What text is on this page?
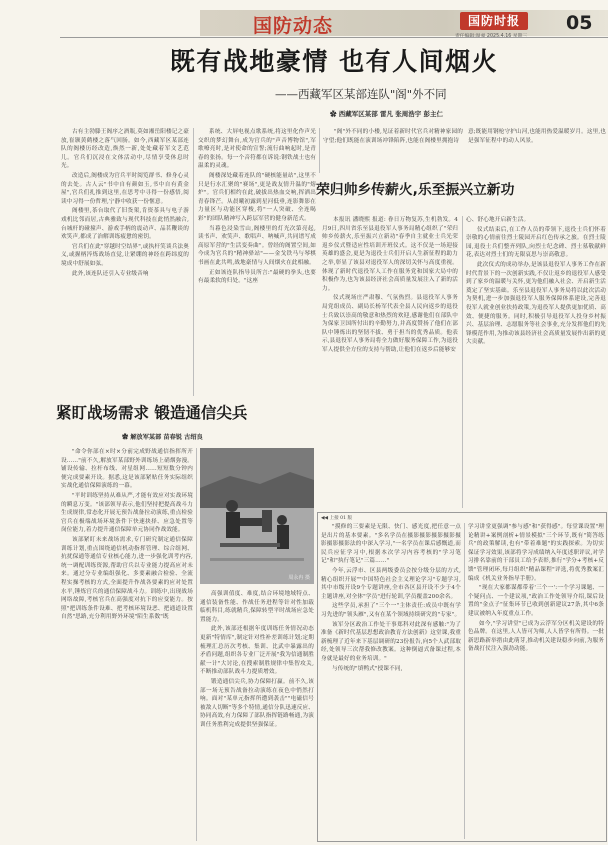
国防动态	国防时报	05
既有战地豪情 也有人间烟火
——西藏军区某部连队"阁"外不同
✿ 西藏军区某部 雷凡 张周浩宇 彭主仁

古有主勃滕王阁序之酒瓶,莫如湘岳阳楼记之豪放,崔颢黄鹤楼之落气回肠。如今,西藏军区某部连队的阁楼历经改造,焕然一新,处处藏着军文艺范儿。官兵们沉浸在文体活动中,尽情享受休息时光。

改造后,阁楼成为官兵平时阅览群书、修身心灵的去处。古人云"书中自有颜如玉,书中自有黄金屋",官兵们扎推到这里,在思考中寻得一份感悟,阅读中习得一份哲理,宁静中收获一份惬意。

阁楼里,茶台取代了旧货架,肯资茶具与电子游戏机比邻而居,古典雅致与现代科技在此悄然融合,台城杆的碰撞声、游戏手柄的震动声、品茗鞭谈的欢笑声,都成了治解训练疲惫的密钥。

官兵们在此"穿越时空结界",或执杆笑谈兵法奥义,或握柄淬炼战场直觉,让紧绷的神经在跨纬度的境成中舒展如弦。

此外,该连队还引入专业级音响

系统、大屏电视点歌系统,将这里化作声光交织的梦幻舞台,成为官兵的"声音博物馆",军歌嘹亮时,是对使命的宣誓;流行曲响起时,是青春的张扬。每一个音符都在诉说:钢铁战士也有温柔的灵魂。

阁楼深处藏着连队的"硬核能量站",这里不只是行水汇聚的"赛场",更是战友情升温的"熔炉"。官兵们相约在此,破拔出热血交响,挥洒出青春锋芒。从晨曦初露到星河低垂,连影舞影在力量区与功能区穿梭,将"一人突破、全连喝彩"的团队精神写入跨层军营的健身新范式。

当暮色浸染雪山,阁楼里的灯光次第亮起,读书声、欢笑声、歌唱声、呐喊声,共同谱写成高原军营的"生活变奏曲"。曾经的阁置空间,如今成为官兵的"精神驿站"——金戈铁马与琴棋书画在此共鸣,战地豪情与人间烟火在此相融。

正如该连队指导员所言:"最硬的拳头,也要有最柔软的归处。"这座

"阁"外不同的小楼,见证着新时代官兵对精神家园的守望;他们既能在演训场冲锋陷阵,也能在阁楼里拥抱诗

意;既能用钢枪守护山河,也能用热爱温暖岁月。这里,也是强军征程中的动人风景。

荣归帅乡传薪火,乐至振兴立新功

本报讯 潘晓熙 报道: 眷日万物复苏,生机勃发。4月9日,四川省乐至县退役军人事务局精心组织了"荣归帅乡传薪火,乐至振兴立新功"春季自主就业士兵光荣返乡仪式暨适应性培训开班仪式。这不仅是一场迎接英雄的盛会,更是为退役士兵们开启人生新征程的助力之举,彰显了该县对退役军人的深切关怀与高度重视。体现了新时代退役军人工作在服务党和国家大局中的积极作为,也为该县经济社会高质量发展注入了新的活力。

仪式现场庄严肃穆、气氛热烈。县退役军人事务局党组成员、副局长杨军代表全县人民向返乡的退役士兵致以崇高的敬意和热烈的欢迎,感谢他们在部队中为保家卫国所付出的辛勤努力,并高度赞扬了他们在部队中锤炼出的坚韧不拔、勇于担当的优秀品质。他表示,县退役军人事务局将全力做好服务保障工作,为退役军人提供全方位的支持与帮助,让他们在返乡后能够安

心、舒心地开启新生活。

仪式结束后,在工作人员的带领下,退役士兵们怀着崇敬的心情前往烈士陵园开启红色传承之旅。在烈士陵园,退役士兵们整齐列队,向烈士纪念碑、烈士墓敬献鲜花,表达对烈士们的无限哀思与崇高敬意。

此次仪式的成功举办,是该县退役军人事务工作在新时代背景下的一次创新实践,不仅让返乡的退役军人感受到了家乡的温暖与关怀,更为他们融入社会、开启新生活奠定了坚实基础。乐至县退役军人事务局将以此次活动为契机,进一步加强退役军人服务保障体系建设,完善退役军人就业创业扶持政策,为退役军人提供更加优质、高效、便捷的服务。同时,积极引导退役军人投身乡村振兴、基层治理、志愿服务等社会事业,充分发挥他们的先锋模范作用,为推动该县经济社会高质量发展作出新的更大贡献。

紧盯战场需求 锻造通信尖兵
✿ 解放军某部 苗春锐 古绍良

"命令你部在×时×分前完成野战通信指挥所开设……"前不久,解放军某部野外训练场上硝烟弥漫。铺设传输、拉杆布线、对星组网……短短数分钟内便完成要素开设。据悉,这是该部紧贴任务实际组织实战化通信保障演练的一幕。

"平时训练坚持从难从严,才能有效应对实战环境的瞬息万变。"该部领导表示,他们坚持把提高战斗力生成规律,常态化开展无预告战备拉动演练,重点检验官兵在极端战场环境条件下快速抉择、应急处置等岗位能力,着力提升通信保障单元协同作战效能。

该部紧盯未来战场需求,专门研究制定通信保障训练计划,重点围绕通信机动指挥管理、综合组网、抗扰保通等通信专业核心能力,进一步强化训考内容,统一调配训练资源,帮助官兵以专业能力提高应对未来。通过分专业编组强化、多要素融合检验、全流程实操考核的方式,全面提升作战各要素的应对处置水平,锤炼官兵的通信保障战斗力。训练中,出现战场网络故障,考核官兵在高强度对抗下的应变能力。按照"把训练条件设难、把考核环境设恶、把通道设置自然"思路,充分利用野外环境"陌生系数"既

周永冉 摄

高强训值度、难度,结合环境地域特点、通信装备性能、作战任务进程等针对性加载临机科目,练就精兵,保障转型平时战场应急处置能力。

此外,该部还根据年度训练任务情况动态更新"特情库",制定针对性补差训练计划;定期梳理汇总历次考核、集训、比武中暴露出的矛盾问题,组织各专业厂泛开展"我为信通制胜献一计"大讨论,在搜索制胜规律中集智攻关,不断推动部队战斗力提质增效。

锻造通信尖兵,协力保障打赢。前不久,该部一场无预告战备拉动演练在夜色中悄然打响。面对"某单元指挥所遭到袭击""电磁信号被敌人切断"等多个特情,通信分队迅速反应、协同高效,有力保障了部队指挥链路畅通,为演训任务胜利完成提供坚强保证。

◀◀ 上接 01 版

"摸修的三要素是无限、快门、感光度,把任意一点是出片的基本要素。"多名学员在摄影摄影摄影摄影摄影摄影摄影法的中深入学习,"一名学员在课后感慨道,而民兵应征学习中,根据本次学习内容考核的"学习笔记"和"执行笔记"三篇……"

今年,云浮市、区县两级委员会按分级分层的方式,精心组织开展""中国特色社会主义理论学习"专题学习,其中市级开设9个专题讲座,全市各区县开设不少于4个主题讲座,对全体"学员"进行轮训,学员覆盖200余名。

这些学员,承担了"三个一"主体责任:成员中既有学习先进的"领头雁",又有在某个领域持续研究的"专家"。

该军分区政治工作处干事郑科对此深有感触:"为了准备《新时代基层思想政治教育方法创新》这堂课,我重新梳理了近年来下基层调研的23份报告,向5个人武部取经,处领导三次帮我修改教案。这种倒逼式备课过程,本身就是最好的业务培训。"

与传统的"填鸭式"授课不同,

学习讲堂更强调"参与感"和"获得感"。每堂课设置"理论精讲+案例剖析+情景模拟"三个环节,既有"简答练兵"的政策解读,也有"带着难题"的实践探索。为切实保证学习效果,该部将学习成绩纳入年度述职评议,对学习排名靠前的干部员工给予表彰,推行"学分+考核+反馈"管理闭环,每月组织"精品课程"评选,将优秀教案汇编成《机关业务指导手册》。

"现在大家都谋都带着'三个一':一个学习课题、一个疑问点、一个建议项,"政治工作处领导介绍,课后设置的"金点子"征集环节已收到创新建议27条,其中6条建议被纳入年度重点工作。

如今,"学习讲堂"已成为云浮军分区机关建设的特色品牌。在这里,人人皆可为师,人人皆学有所得。一批新思路新举措由此萌芽,推动机关建设稳步向前,为服务备战打仗注入强劲动能。
